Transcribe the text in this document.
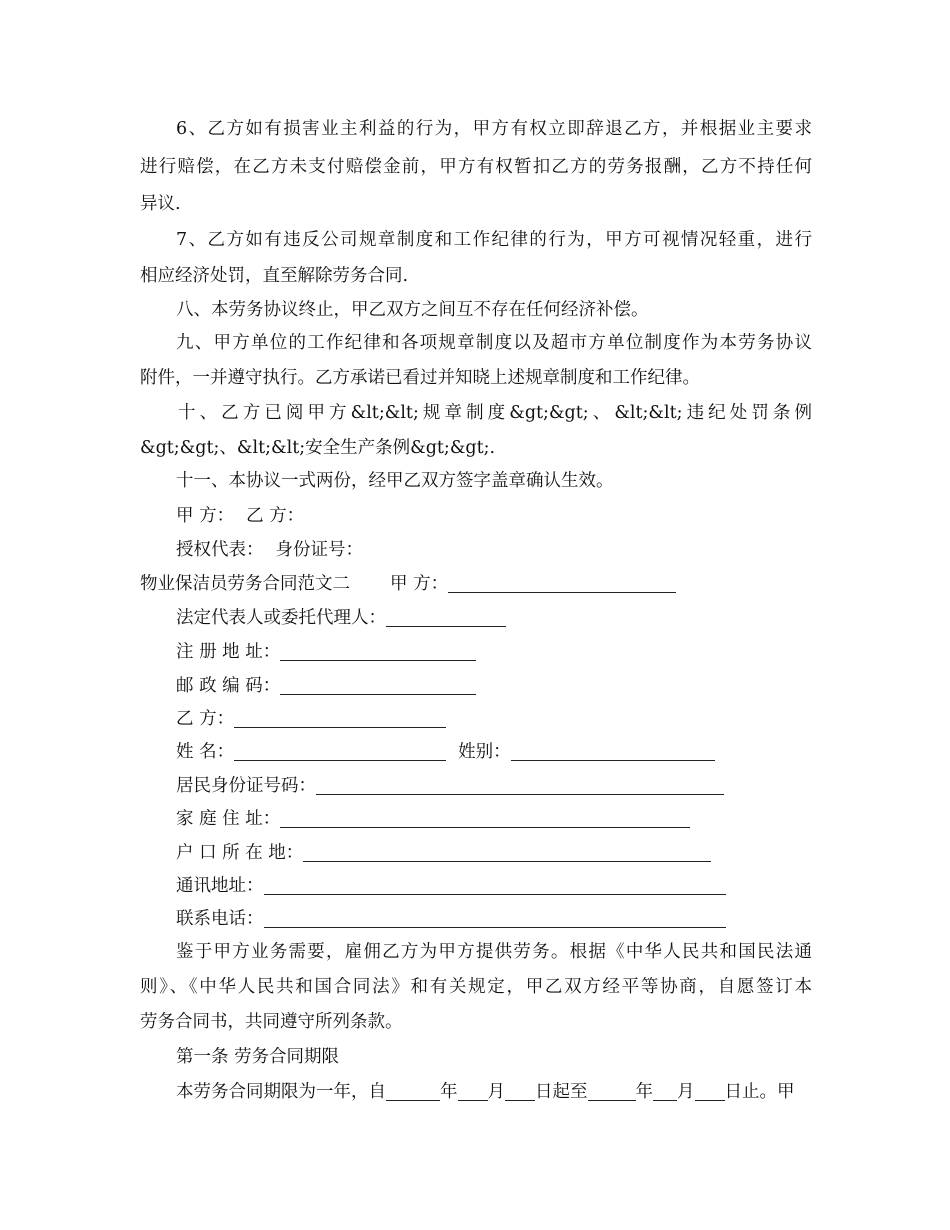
6、乙方如有损害业主利益的行为，甲方有权立即辞退乙方，并根据业主要求
进行赔偿，在乙方未支付赔偿金前，甲方有权暂扣乙方的劳务报酬，乙方不持任何
异议.
7、乙方如有违反公司规章制度和工作纪律的行为，甲方可视情况轻重，进行
相应经济处罚，直至解除劳务合同.
八、本劳务协议终止，甲乙双方之间互不存在任何经济补偿。
九、甲方单位的工作纪律和各项规章制度以及超市方单位制度作为本劳务协议
附件，一并遵守执行。乙方承诺已看过并知晓上述规章制度和工作纪律。
十、乙方已阅甲方&lt;&lt;规章制度&gt;&gt;、&lt;&lt;违纪处罚条例
&gt;&gt;、&lt;&lt;安全生产条例&gt;&gt;.
十一、本协议一式两份，经甲乙双方签字盖章确认生效。
甲 方： 乙 方：
授权代表： 身份证号：
物业保洁员劳务合同范文二 甲 方：
法定代表人或委托代理人：
注 册 地 址：
邮 政 编 码：
乙 方：
姓 名：	姓别：
居民身份证号码：
家 庭 住 址：
户 口 所 在 地：
通讯地址：
联系电话：
鉴于甲方业务需要，雇佣乙方为甲方提供劳务。根据《中华人民共和国民法通
则》、《中华人民共和国合同法》和有关规定，甲乙双方经平等协商，自愿签订本
劳务合同书，共同遵守所列条款。
第一条 劳务合同期限
本劳务合同期限为一年，自	年 月 日起至	年 月 日止。甲
